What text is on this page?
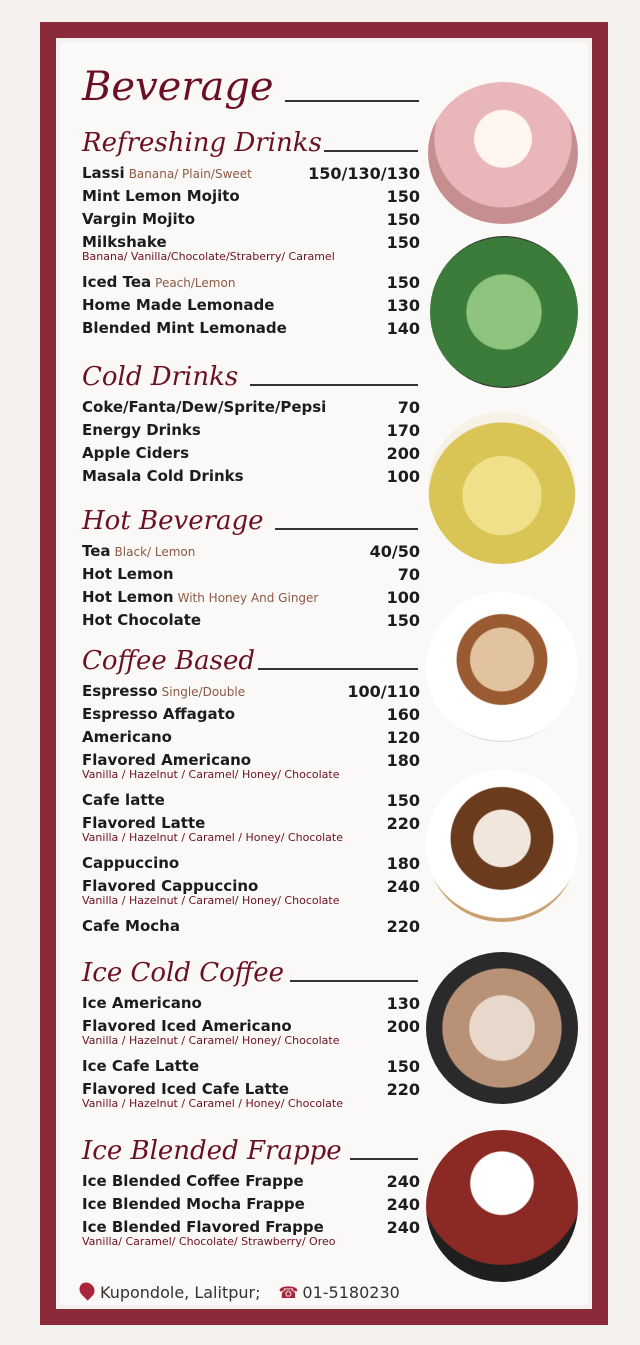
Beverage
Refreshing Drinks
Lassi Banana/ Plain/Sweet	150/130/130
Mint Lemon Mojito	150
Vargin Mojito	150
Milkshake	150
Banana/ Vanilla/Chocolate/Straberry/ Caramel
Iced Tea Peach/Lemon	150
Home Made Lemonade	130
Blended Mint Lemonade	140
Cold Drinks
Coke/Fanta/Dew/Sprite/Pepsi	70
Energy Drinks	170
Apple Ciders	200
Masala Cold Drinks	100
Hot Beverage
Tea Black/ Lemon	40/50
Hot Lemon	70
Hot Lemon With Honey And Ginger	100
Hot Chocolate	150
Coffee Based
Espresso Single/Double	100/110
Espresso Affagato	160
Americano	120
Flavored Americano	180
Vanilla / Hazelnut / Caramel/ Honey/ Chocolate
Cafe latte	150
Flavored Latte	220
Vanilla / Hazelnut / Caramel / Honey/ Chocolate
Cappuccino	180
Flavored Cappuccino	240
Vanilla / Hazelnut / Caramel/ Honey/ Chocolate
Cafe Mocha	220
Ice Cold Coffee
Ice Americano	130
Flavored Iced Americano	200
Vanilla / Hazelnut / Caramel/ Honey/ Chocolate
Ice Cafe Latte	150
Flavored Iced Cafe Latte	220
Vanilla / Hazelnut / Caramel / Honey/ Chocolate
Ice Blended Frappe
Ice Blended Coffee Frappe	240
Ice Blended Mocha Frappe	240
Ice Blended Flavored Frappe	240
Vanilla/ Caramel/ Chocolate/ Strawberry/ Oreo
Kupondole, Lalitpur; ☎ 01-5180230
